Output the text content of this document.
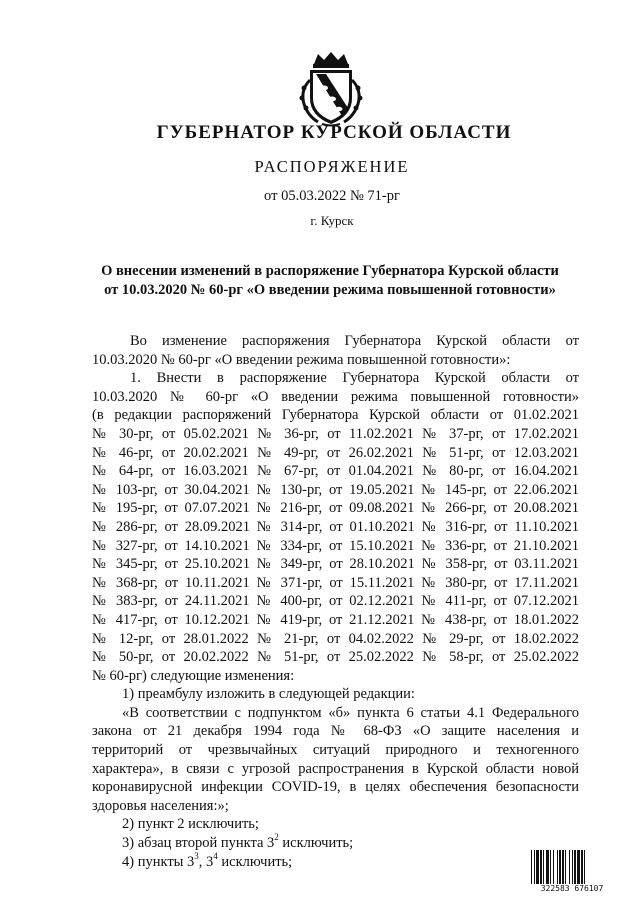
ГУБЕРНАТОР КУРСКОЙ ОБЛАСТИ
РАСПОРЯЖЕНИЕ
от 05.03.2022 № 71-рг
г. Курск
О внесении изменений в распоряжение Губернатора Курской области
от 10.03.2020 № 60-рг «О введении режима повышенной готовности»
Во изменение распоряжения Губернатора Курской области от
10.03.2020 № 60-рг «О введении режима повышенной готовности»:
1. Внести в распоряжение Губернатора Курской области от
10.03.2020 № 60-рг «О введении режима повышенной готовности»
(в редакции распоряжений Губернатора Курской области от 01.02.2021
№ 30-рг, от 05.02.2021 № 36-рг, от 11.02.2021 № 37-рг, от 17.02.2021
№ 46-рг, от 20.02.2021 № 49-рг, от 26.02.2021 № 51-рг, от 12.03.2021
№ 64-рг, от 16.03.2021 № 67-рг, от 01.04.2021 № 80-рг, от 16.04.2021
№ 103-рг, от 30.04.2021 № 130-рг, от 19.05.2021 № 145-рг, от 22.06.2021
№ 195-рг, от 07.07.2021 № 216-рг, от 09.08.2021 № 266-рг, от 20.08.2021
№ 286-рг, от 28.09.2021 № 314-рг, от 01.10.2021 № 316-рг, от 11.10.2021
№ 327-рг, от 14.10.2021 № 334-рг, от 15.10.2021 № 336-рг, от 21.10.2021
№ 345-рг, от 25.10.2021 № 349-рг, от 28.10.2021 № 358-рг, от 03.11.2021
№ 368-рг, от 10.11.2021 № 371-рг, от 15.11.2021 № 380-рг, от 17.11.2021
№ 383-рг, от 24.11.2021 № 400-рг, от 02.12.2021 № 411-рг, от 07.12.2021
№ 417-рг, от 10.12.2021 № 419-рг, от 21.12.2021 № 438-рг, от 18.01.2022
№ 12-рг, от 28.01.2022 № 21-рг, от 04.02.2022 № 29-рг, от 18.02.2022
№ 50-рг, от 20.02.2022 № 51-рг, от 25.02.2022 № 58-рг, от 25.02.2022
№ 60-рг) следующие изменения:
1) преамбулу изложить в следующей редакции:
«В соответствии с подпунктом «б» пункта 6 статьи 4.1 Федерального
закона от 21 декабря 1994 года № 68-ФЗ «О защите населения и
территорий от чрезвычайных ситуаций природного и техногенного
характера», в связи с угрозой распространения в Курской области новой
коронавирусной инфекции COVID-19, в целях обеспечения безопасности
здоровья населения:»;
2) пункт 2 исключить;
3) абзац второй пункта $3^2$ исключить;
4) пункты $3^3$, $3^4$ исключить;
322583 676107
